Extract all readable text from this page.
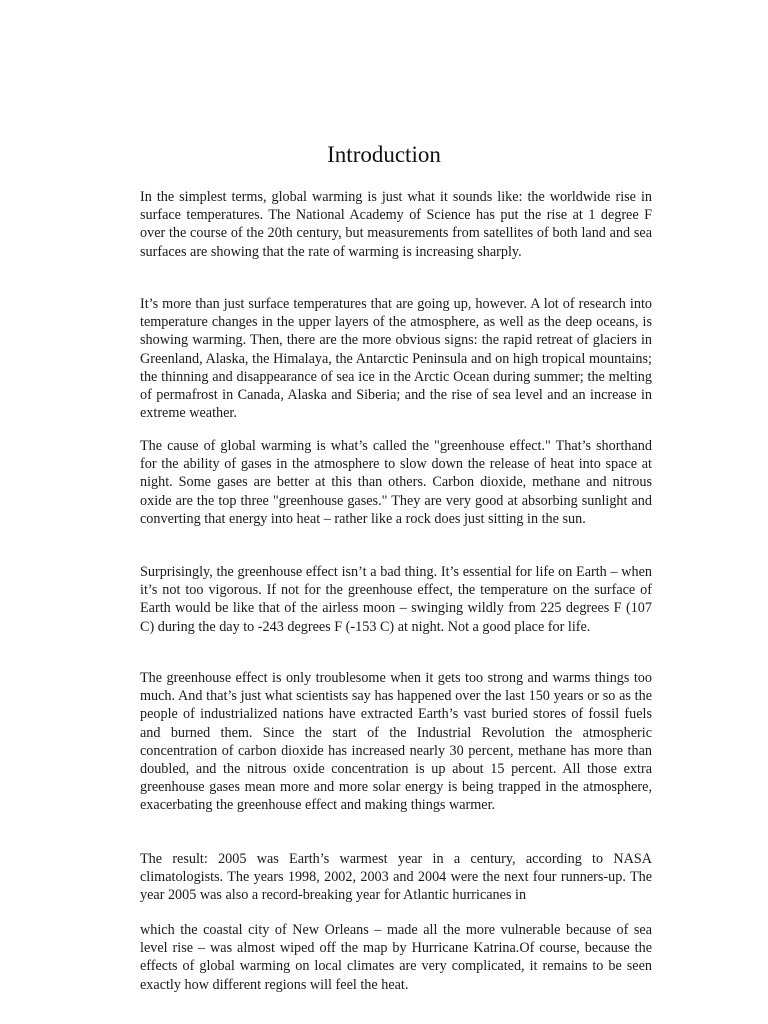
Introduction

In the simplest terms, global warming is just what it sounds like: the worldwide rise in surface temperatures. The National Academy of Science has put the rise at 1 degree F over the course of the 20th century, but measurements from satellites of both land and sea surfaces are showing that the rate of warming is increasing sharply.

It’s more than just surface temperatures that are going up, however. A lot of research into temperature changes in the upper layers of the atmosphere, as well as the deep oceans, is showing warming. Then, there are the more obvious signs: the rapid retreat of glaciers in Greenland, Alaska, the Himalaya, the Antarctic Peninsula and on high tropical mountains; the thinning and disappearance of sea ice in the Arctic Ocean during summer; the melting of permafrost in Canada, Alaska and Siberia; and the rise of sea level and an increase in extreme weather.

The cause of global warming is what’s called the "greenhouse effect." That’s shorthand for the ability of gases in the atmosphere to slow down the release of heat into space at night. Some gases are better at this than others. Carbon dioxide, methane and nitrous oxide are the top three "greenhouse gases." They are very good at absorbing sunlight and converting that energy into heat – rather like a rock does just sitting in the sun.

Surprisingly, the greenhouse effect isn’t a bad thing. It’s essential for life on Earth – when it’s not too vigorous. If not for the greenhouse effect, the temperature on the surface of Earth would be like that of the airless moon – swinging wildly from 225 degrees F (107 C) during the day to -243 degrees F (-153 C) at night. Not a good place for life.

The greenhouse effect is only troublesome when it gets too strong and warms things too much. And that’s just what scientists say has happened over the last 150 years or so as the people of industrialized nations have extracted Earth’s vast buried stores of fossil fuels and burned them. Since the start of the Industrial Revolution the atmospheric concentration of carbon dioxide has increased nearly 30 percent, methane has more than doubled, and the nitrous oxide concentration is up about 15 percent. All those extra greenhouse gases mean more and more solar energy is being trapped in the atmosphere, exacerbating the greenhouse effect and making things warmer.

The result: 2005 was Earth’s warmest year in a century, according to NASA climatologists. The years 1998, 2002, 2003 and 2004 were the next four runners-up. The year 2005 was also a record-breaking year for Atlantic hurricanes in

which the coastal city of New Orleans – made all the more vulnerable because of sea level rise – was almost wiped off the map by Hurricane Katrina.Of course, because the effects of global warming on local climates are very complicated, it remains to be seen exactly how different regions will feel the heat.
